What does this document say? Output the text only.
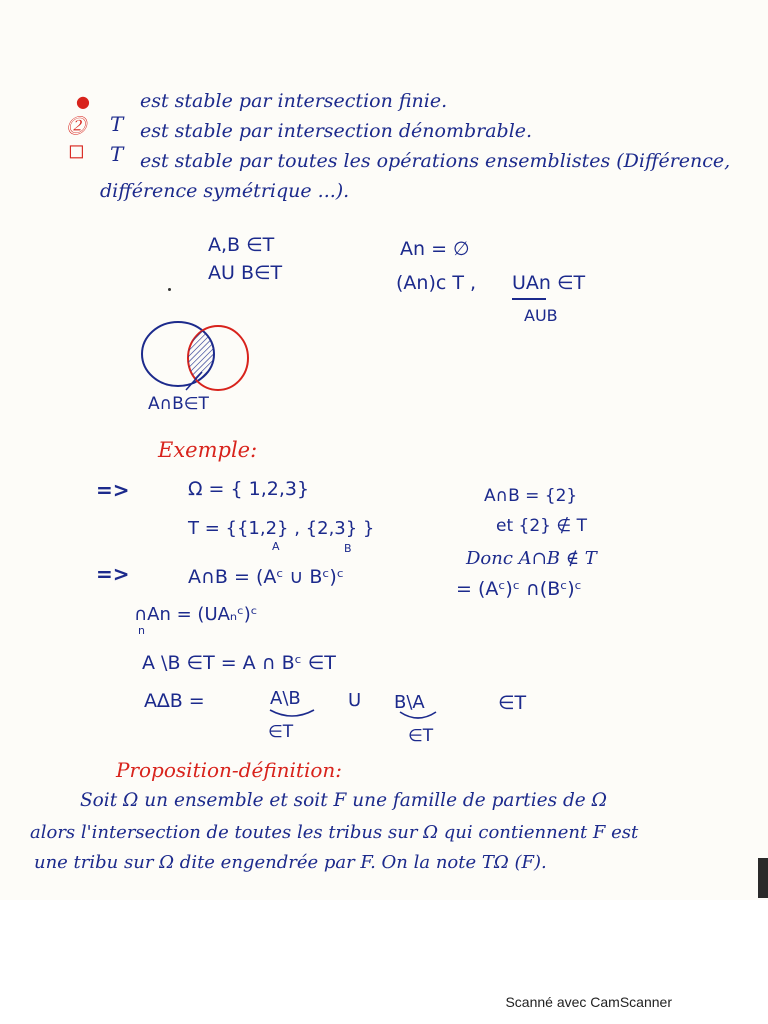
●	est stable par intersection finie.
⓶ T est stable par intersection dénombrable.
◻ T est stable par toutes les opérations ensemblistes (Différence,
différence symétrique ...).
A,B ∈T
AU B∈T
An = ∅
(An)c T , UAn ∈T
AUB
A∩B∈T
Exemple:
=>	Ω = { 1,2,3}
T = {{1,2} , {2,3} }
A	B
A∩B = {2}
et {2} ∉ T
Donc A∩B ∉ T
=>	A∩B = (Aᶜ ∪ Bᶜ)ᶜ
= (Aᶜ)ᶜ ∩(Bᶜ)ᶜ
∩An = (UAₙᶜ)ᶜ
n
A \B ∈T = A ∩ Bᶜ ∈T
A∆B =	A\B	U B\A	∈T
∈T	∈T
Proposition-définition:
Soit Ω un ensemble et soit F une famille de parties de Ω
alors l'intersection de toutes les tribus sur Ω qui contiennent F est
une tribu sur Ω dite engendrée par F. On la note TΩ (F).
Scanné avec CamScanner
